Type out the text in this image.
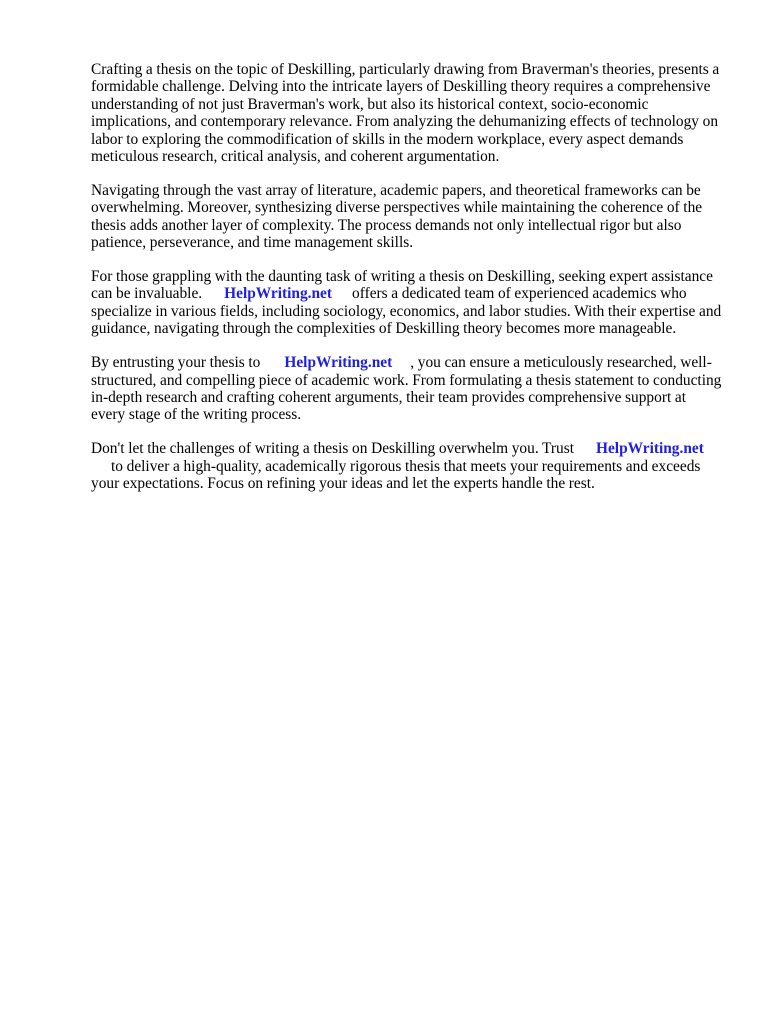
Crafting a thesis on the topic of Deskilling, particularly drawing from Braverman's theories, presents a formidable challenge. Delving into the intricate layers of Deskilling theory requires a comprehensive understanding of not just Braverman's work, but also its historical context, socio-economic implications, and contemporary relevance. From analyzing the dehumanizing effects of technology on labor to exploring the commodification of skills in the modern workplace, every aspect demands meticulous research, critical analysis, and coherent argumentation.

Navigating through the vast array of literature, academic papers, and theoretical frameworks can be overwhelming. Moreover, synthesizing diverse perspectives while maintaining the coherence of the thesis adds another layer of complexity. The process demands not only intellectual rigor but also patience, perseverance, and time management skills.

For those grappling with the daunting task of writing a thesis on Deskilling, seeking expert assistance can be invaluable. HelpWriting.net offers a dedicated team of experienced academics who specialize in various fields, including sociology, economics, and labor studies. With their expertise and guidance, navigating through the complexities of Deskilling theory becomes more manageable.

By entrusting your thesis to HelpWriting.net , you can ensure a meticulously researched, well-structured, and compelling piece of academic work. From formulating a thesis statement to conducting in-depth research and crafting coherent arguments, their team provides comprehensive support at every stage of the writing process.

Don't let the challenges of writing a thesis on Deskilling overwhelm you. Trust HelpWriting.net
to deliver a high-quality, academically rigorous thesis that meets your requirements and exceeds your expectations. Focus on refining your ideas and let the experts handle the rest.
